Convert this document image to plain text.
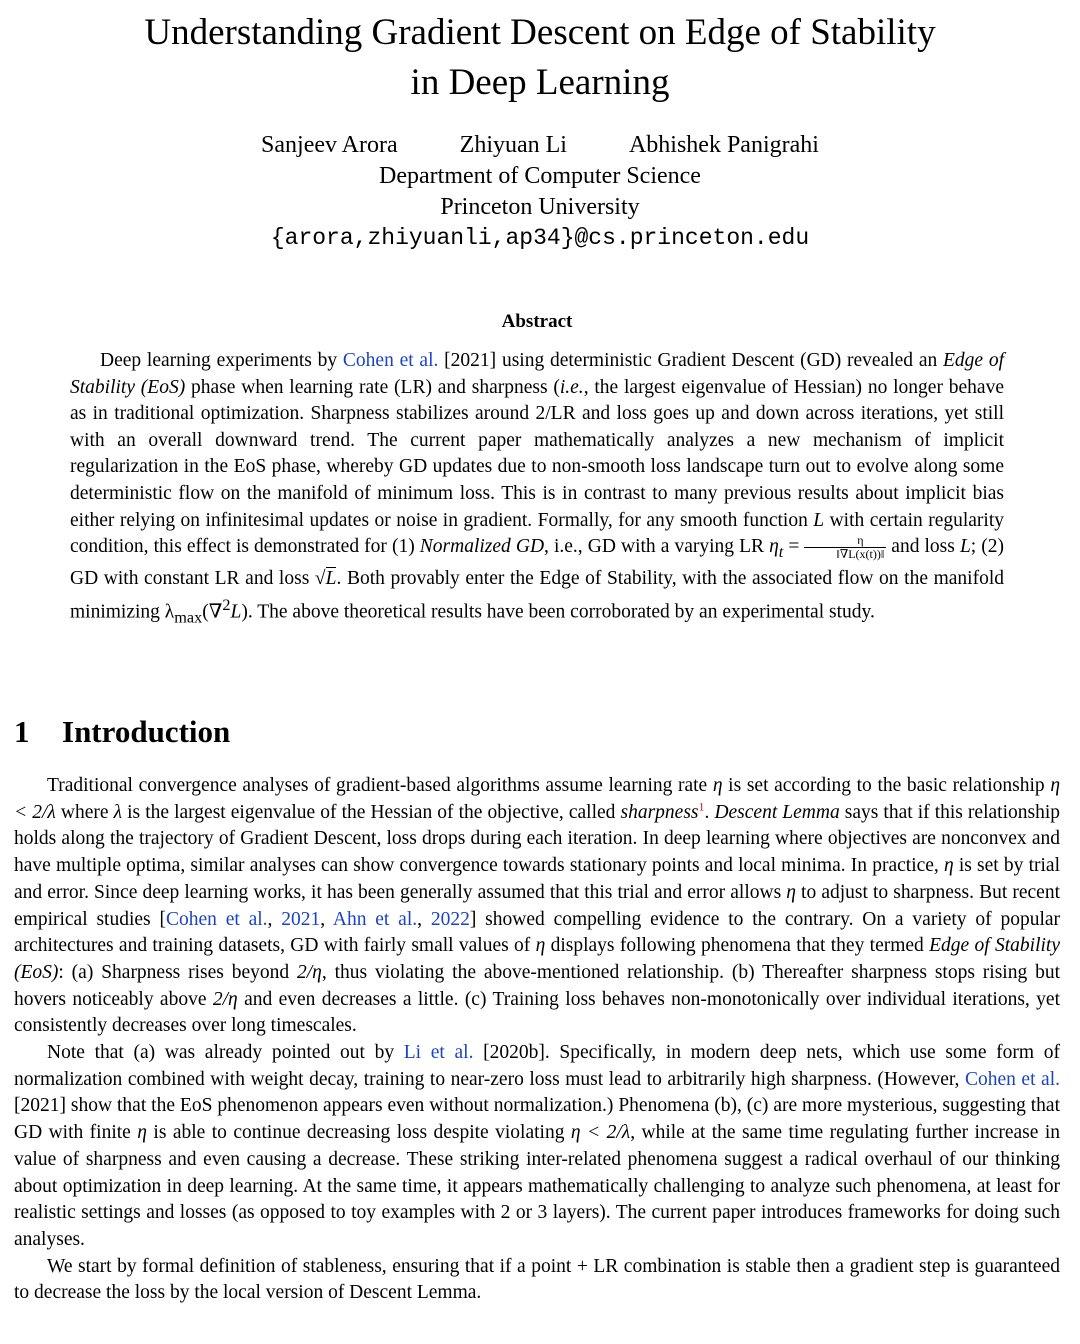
Understanding Gradient Descent on Edge of Stability
in Deep Learning
Sanjeev Arora	Zhiyuan Li	Abhishek Panigrahi
Department of Computer Science
Princeton University
{arora,zhiyuanli,ap34}@cs.princeton.edu
Abstract

Deep learning experiments by Cohen et al. [2021] using deterministic Gradient Descent (GD) revealed an Edge of Stability (EoS) phase when learning rate (LR) and sharpness (i.e., the largest eigenvalue of Hessian) no longer behave as in traditional optimization. Sharpness stabilizes around 2/LR and loss goes up and down across iterations, yet still with an overall downward trend. The current paper mathematically analyzes a new mechanism of implicit regularization in the EoS phase, whereby GD updates due to non-smooth loss landscape turn out to evolve along some deterministic flow on the manifold of minimum loss. This is in contrast to many previous results about implicit bias either relying on infinitesimal updates or noise in gradient. Formally, for any smooth function L with certain regularity condition, this effect is demonstrated for (1) Normalized GD, i.e., GD with a varying LR $\eta_t = \frac{\eta}{‖\nabla L(x(t))‖}$ and loss L; (2) GD with constant LR and loss √L. Both provably enter the Edge of Stability, with the associated flow on the manifold minimizing $\lambda_{max}(\nabla^2L)$. The above theoretical results have been corroborated by an experimental study.

1 Introduction

Traditional convergence analyses of gradient-based algorithms assume learning rate η is set according to the basic relationship η < 2/λ where λ is the largest eigenvalue of the Hessian of the objective, called sharpness$^1$. Descent Lemma says that if this relationship holds along the trajectory of Gradient Descent, loss drops during each iteration. In deep learning where objectives are nonconvex and have multiple optima, similar analyses can show convergence towards stationary points and local minima. In practice, η is set by trial and error. Since deep learning works, it has been generally assumed that this trial and error allows η to adjust to sharpness. But recent empirical studies [Cohen et al., 2021, Ahn et al., 2022] showed compelling evidence to the contrary. On a variety of popular architectures and training datasets, GD with fairly small values of η displays following phenomena that they termed Edge of Stability (EoS): (a) Sharpness rises beyond 2/η, thus violating the above-mentioned relationship. (b) Thereafter sharpness stops rising but hovers noticeably above 2/η and even decreases a little. (c) Training loss behaves non-monotonically over individual iterations, yet consistently decreases over long timescales.

Note that (a) was already pointed out by Li et al. [2020b]. Specifically, in modern deep nets, which use some form of normalization combined with weight decay, training to near-zero loss must lead to arbitrarily high sharpness. (However, Cohen et al. [2021] show that the EoS phenomenon appears even without normalization.) Phenomena (b), (c) are more mysterious, suggesting that GD with finite η is able to continue decreasing loss despite violating η < 2/λ, while at the same time regulating further increase in value of sharpness and even causing a decrease. These striking inter-related phenomena suggest a radical overhaul of our thinking about optimization in deep learning. At the same time, it appears mathematically challenging to analyze such phenomena, at least for realistic settings and losses (as opposed to toy examples with 2 or 3 layers). The current paper introduces frameworks for doing such analyses.

We start by formal definition of stableness, ensuring that if a point + LR combination is stable then a gradient step is guaranteed to decrease the loss by the local version of Descent Lemma.
